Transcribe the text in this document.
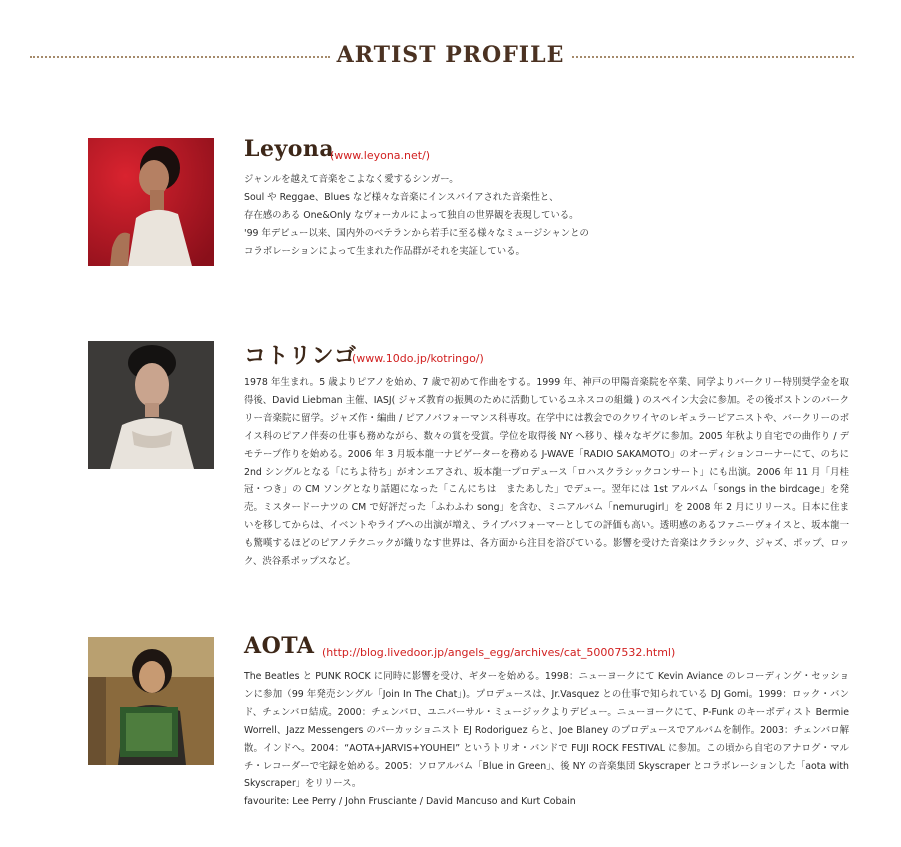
ARTIST PROFILE
Leyona
(www.leyona.net/)

ジャンルを越えて音楽をこよなく愛するシンガー。

Soul や Reggae、Blues など様々な音楽にインスパイアされた音楽性と、

存在感のある One&Only なヴォーカルによって独自の世界観を表現している。

'99 年デビュー以来、国内外のベテランから若手に至る様々なミュージシャンとの

コラボレーションによって生まれた作品群がそれを実証している。

コトリンゴ
(www.10do.jp/kotringo/)

1978 年生まれ。5 歳よりピアノを始め、7 歳で初めて作曲をする。1999 年、神戸の甲陽音楽院を卒業、同学よりバークリー特別奨学金を取得後、David Liebman 主催、IASJ( ジャズ教育の振興のために活動しているユネスコの組織 ) のスペイン大会に参加。その後ボストンのバークリー音楽院に留学。ジャズ作・編曲 / ピアノパフォーマンス科専攻。在学中には教会でのクワイヤのレギュラーピアニストや、バークリーのボイス科のピアノ伴奏の仕事も務めながら、数々の賞を受賞。学位を取得後 NY へ移り、様々なギグに参加。2005 年秋より自宅での曲作り / デモテープ作りを始める。2006 年 3 月坂本龍一ナビゲーターを務める J-WAVE「RADIO SAKAMOTO」のオーディションコーナーにて、のちに 2nd シングルとなる「にちよ待ち」がオンエアされ、坂本龍一プロデュース「ロハスクラシックコンサート」にも出演。2006 年 11 月「月桂冠・つき」の CM ソングとなり話題になった「こんにちは　またあした」でデュー。翌年には 1st アルバム「songs in the birdcage」を発売。ミスタードーナツの CM で好評だった「ふわふわ song」を含む、ミニアルバム「nemurugirl」を 2008 年 2 月にリリース。日本に住まいを移してからは、イベントやライブへの出演が増え、ライブパフォーマーとしての評価も高い。透明感のあるファニーヴォイスと、坂本龍一も驚嘆するほどのピアノテクニックが織りなす世界は、各方面から注目を浴びている。影響を受けた音楽はクラシック、ジャズ、ポップ、ロック、渋谷系ポップスなど。

AOTA (http://blog.livedoor.jp/angels_egg/archives/cat_50007532.html)

The Beatles と PUNK ROCK に同時に影響を受け、ギターを始める。1998：ニューヨークにて Kevin Aviance のレコーディング・セッションに参加（99 年発売シングル「Join In The Chat」)。プロデュースは、Jr.Vasquez との仕事で知られている DJ Gomi。1999：ロック・バンド、チェンバロ結成。2000：チェンバロ、ユニバーサル・ミュージックよりデビュー。ニューヨークにて、P-Funk のキーボディスト Bermie Worrell、Jazz Messengers のパーカッショニスト EJ Rodoriguez らと、Joe Blaney のプロデュースでアルバムを制作。2003：チェンバロ解散。インドへ。2004：“AOTA+JARVIS+YOUHEI” というトリオ・バンドで FUJI ROCK FESTIVAL に参加。この頃から自宅のアナログ・マルチ・レコーダーで宅録を始める。2005：ソロアルバム「Blue in Green」、後 NY の音楽集団 Skyscraper とコラボレーションした「aota with Skyscraper」をリリース。

favourite: Lee Perry / John Frusciante / David Mancuso and Kurt Cobain
